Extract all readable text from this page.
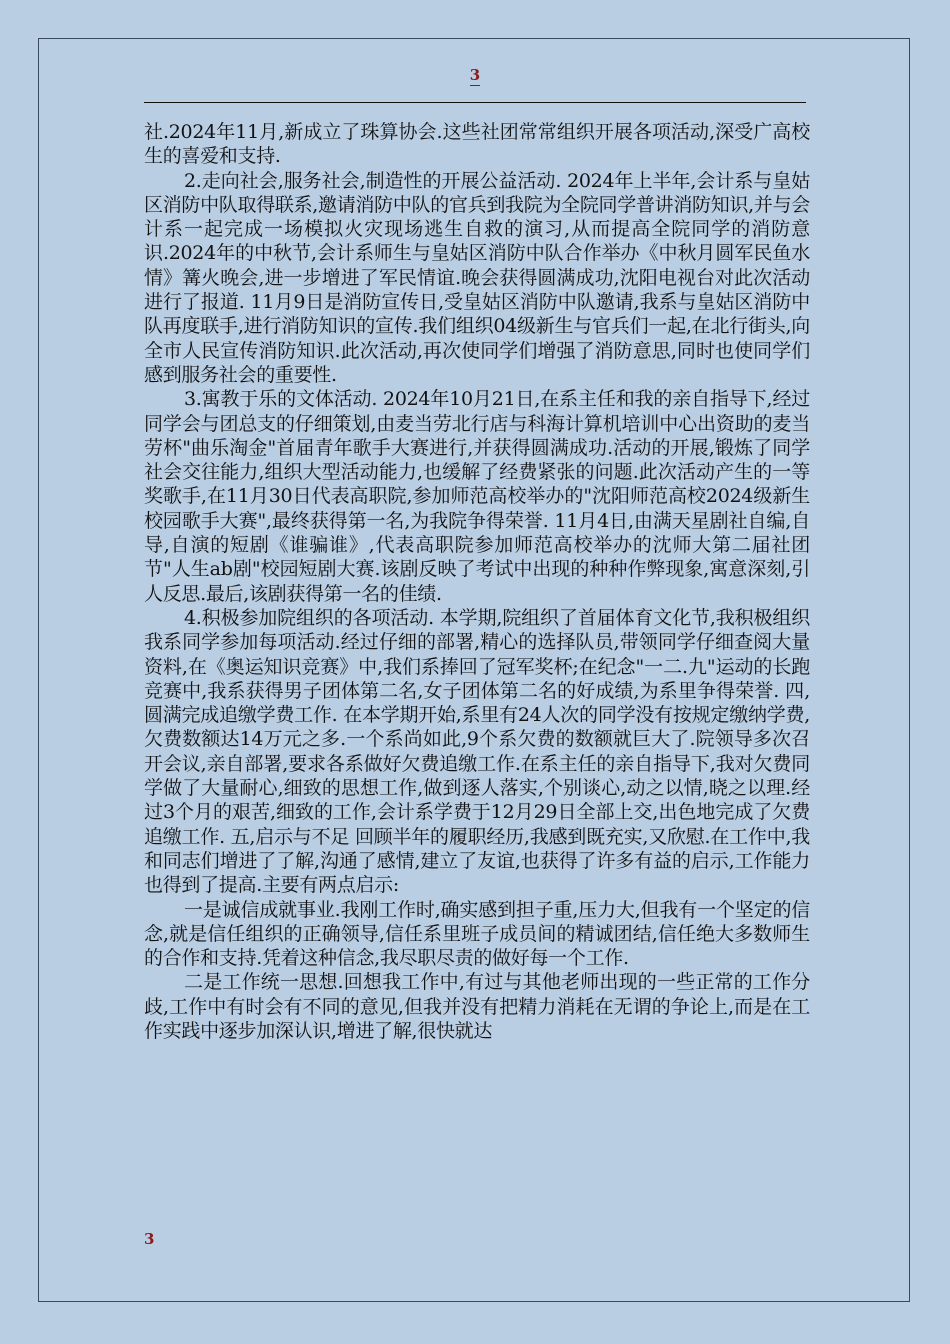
3

社.2024年11月,新成立了珠算协会.这些社团常常组织开展各项活动,深受广高校生的喜爱和支持.

2.走向社会,服务社会,制造性的开展公益活动. 2024年上半年,会计系与皇姑区消防中队取得联系,邀请消防中队的官兵到我院为全院同学普讲消防知识,并与会计系一起完成一场模拟火灾现场逃生自救的演习,从而提高全院同学的消防意识.2024年的中秋节,会计系师生与皇姑区消防中队合作举办《中秋月圆军民鱼水情》篝火晚会,进一步增进了军民情谊.晚会获得圆满成功,沈阳电视台对此次活动进行了报道. 11月9日是消防宣传日,受皇姑区消防中队邀请,我系与皇姑区消防中队再度联手,进行消防知识的宣传.我们组织04级新生与官兵们一起,在北行街头,向全市人民宣传消防知识.此次活动,再次使同学们增强了消防意思,同时也使同学们感到服务社会的重要性.

3.寓教于乐的文体活动. 2024年10月21日,在系主任和我的亲自指导下,经过同学会与团总支的仔细策划,由麦当劳北行店与科海计算机培训中心出资助的麦当劳杯"曲乐淘金"首届青年歌手大赛进行,并获得圆满成功.活动的开展,锻炼了同学社会交往能力,组织大型活动能力,也缓解了经费紧张的问题.此次活动产生的一等奖歌手,在11月30日代表高职院,参加师范高校举办的"沈阳师范高校2024级新生校园歌手大赛",最终获得第一名,为我院争得荣誉. 11月4日,由满天星剧社自编,自导,自演的短剧《谁骗谁》,代表高职院参加师范高校举办的沈师大第二届社团节"人生ab剧"校园短剧大赛.该剧反映了考试中出现的种种作弊现象,寓意深刻,引人反思.最后,该剧获得第一名的佳绩.

4.积极参加院组织的各项活动. 本学期,院组织了首届体育文化节,我积极组织我系同学参加每项活动.经过仔细的部署,精心的选择队员,带领同学仔细查阅大量资料,在《奥运知识竞赛》中,我们系捧回了冠军奖杯;在纪念"一二.九"运动的长跑竞赛中,我系获得男子团体第二名,女子团体第二名的好成绩,为系里争得荣誉. 四,圆满完成追缴学费工作. 在本学期开始,系里有24人次的同学没有按规定缴纳学费,欠费数额达14万元之多.一个系尚如此,9个系欠费的数额就巨大了.院领导多次召开会议,亲自部署,要求各系做好欠费追缴工作.在系主任的亲自指导下,我对欠费同学做了大量耐心,细致的思想工作,做到逐人落实,个别谈心,动之以情,晓之以理.经过3个月的艰苦,细致的工作,会计系学费于12月29日全部上交,出色地完成了欠费追缴工作. 五,启示与不足 回顾半年的履职经历,我感到既充实,又欣慰.在工作中,我和同志们增进了了解,沟通了感情,建立了友谊,也获得了许多有益的启示,工作能力也得到了提高.主要有两点启示:

一是诚信成就事业.我刚工作时,确实感到担子重,压力大,但我有一个坚定的信念,就是信任组织的正确领导,信任系里班子成员间的精诚团结,信任绝大多数师生的合作和支持.凭着这种信念,我尽职尽责的做好每一个工作.

二是工作统一思想.回想我工作中,有过与其他老师出现的一些正常的工作分歧,工作中有时会有不同的意见,但我并没有把精力消耗在无谓的争论上,而是在工作实践中逐步加深认识,增进了解,很快就达

3
